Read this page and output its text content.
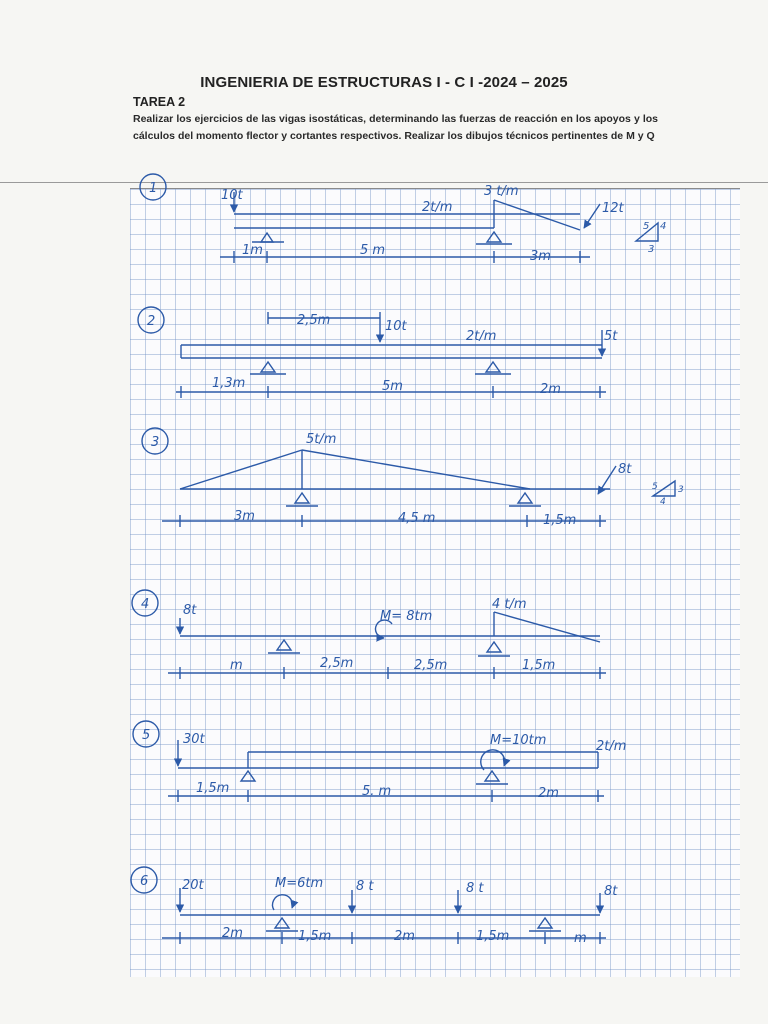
INGENIERIA DE ESTRUCTURAS I - C I -2024 – 2025
TAREA 2
Realizar los ejercicios de las vigas isostáticas, determinando las fuerzas de reacción en los apoyos y los cálculos del momento flector y cortantes respectivos. Realizar los dibujos técnicos pertinentes de M y Q
1	10t
2t/m
3 t/m
12t
5 4
3
1m	5 m	3m
2	2,5m	10t
2t/m	5t
1,3m	5m	2m
3	5t/m
8t
5 3
4
3m	4,5 m	1,5m
4	8t	M= 8tm
4 t/m
m	2,5m	2,5m	1,5m
5	30t	M=10tm	2t/m
1,5m	5. m	2m
6	20t	M=6tm	8 t	8 t	8t
2m	1,5m	2m	1,5m	m
